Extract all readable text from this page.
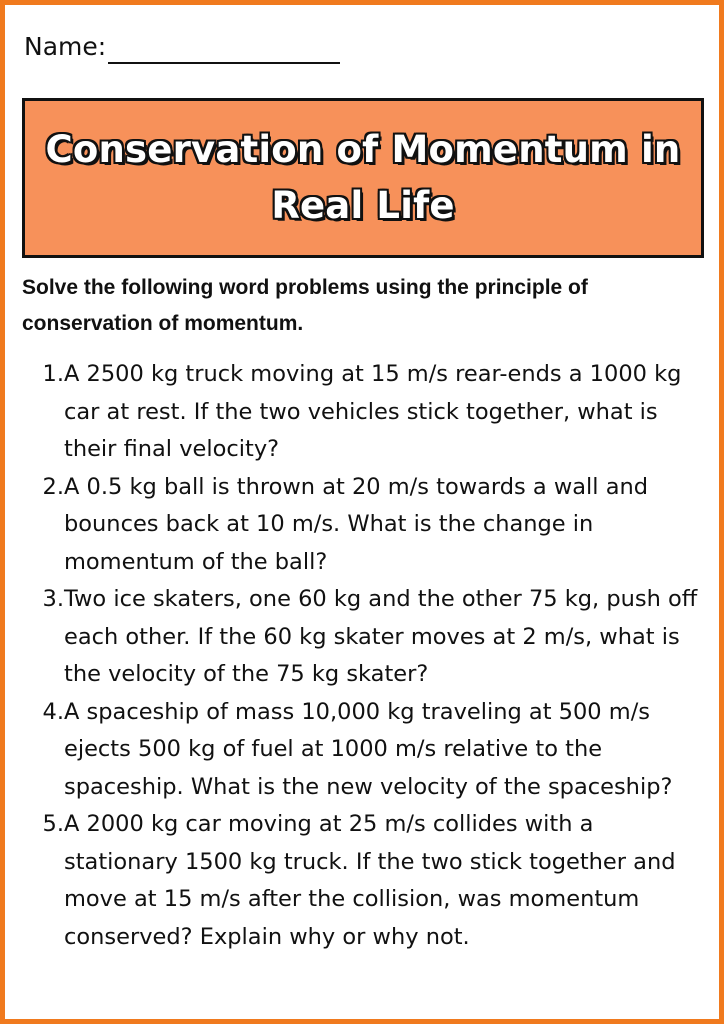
Name:
Conservation of Momentum in Real Life
Solve the following word problems using the principle of conservation of momentum.
1. A 2500 kg truck moving at 15 m/s rear-ends a 1000 kg car at rest. If the two vehicles stick together, what is their final velocity?
2. A 0.5 kg ball is thrown at 20 m/s towards a wall and bounces back at 10 m/s. What is the change in momentum of the ball?
3. Two ice skaters, one 60 kg and the other 75 kg, push off each other. If the 60 kg skater moves at 2 m/s, what is the velocity of the 75 kg skater?
4. A spaceship of mass 10,000 kg traveling at 500 m/s ejects 500 kg of fuel at 1000 m/s relative to the spaceship. What is the new velocity of the spaceship?
5. A 2000 kg car moving at 25 m/s collides with a stationary 1500 kg truck. If the two stick together and move at 15 m/s after the collision, was momentum conserved? Explain why or why not.
